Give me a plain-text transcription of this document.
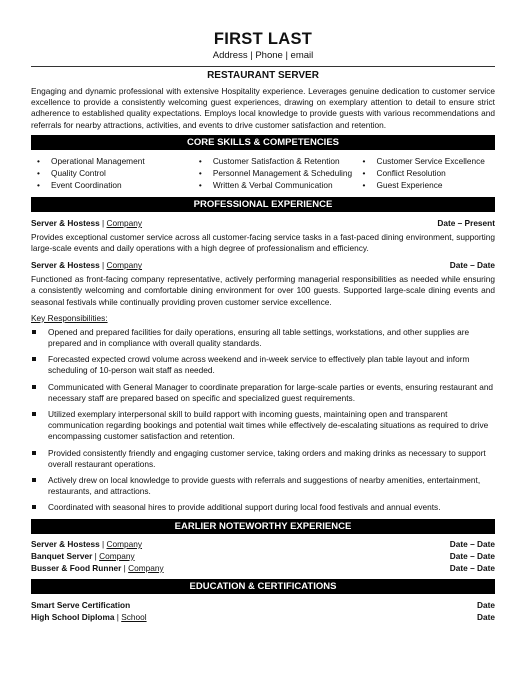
FIRST LAST
Address | Phone | email
RESTAURANT SERVER

Engaging and dynamic professional with extensive Hospitality experience. Leverages genuine dedication to customer service excellence to provide a consistently welcoming guest experiences, drawing on exemplary attention to detail to ensure strict adherence to established quality expectations. Employs local knowledge to provide guests with various recommendations and referrals for nearby attractions, activities, and events to drive customer satisfaction and retention.

CORE SKILLS & COMPETENCIES
• Operational Management
• Quality Control
• Event Coordination
• Customer Satisfaction & Retention
• Personnel Management & Scheduling
• Written & Verbal Communication
• Customer Service Excellence
• Conflict Resolution
• Guest Experience
PROFESSIONAL EXPERIENCE
Server & Hostess | Company	Date – Present

Provides exceptional customer service across all customer-facing service tasks in a fast-paced dining environment, supporting large-scale events and daily operations with a high degree of professionalism and efficiency.

Server & Hostess | Company	Date – Date

Functioned as front-facing company representative, actively performing managerial responsibilities as needed while ensuring a consistently welcoming and comfortable dining environment for over 100 guests. Supported large-scale dining events and seasonal festivals while continually providing proven customer service excellence.

Key Responsibilities:
Opened and prepared facilities for daily operations, ensuring all table settings, workstations, and other supplies are prepared and in compliance with overall quality standards.
Forecasted expected crowd volume across weekend and in-week service to effectively plan table layout and inform scheduling of 10-person wait staff as needed.
Communicated with General Manager to coordinate preparation for large-scale parties or events, ensuring restaurant and necessary staff are prepared based on specific and specialized guest requirements.
Utilized exemplary interpersonal skill to build rapport with incoming guests, maintaining open and transparent communication regarding bookings and potential wait times while effectively de-escalating situations as required to drive encompassing customer satisfaction and retention.
Provided consistently friendly and engaging customer service, taking orders and making drinks as necessary to support overall restaurant operations.
Actively drew on local knowledge to provide guests with referrals and suggestions of nearby amenities, entertainment, restaurants, and attractions.
Coordinated with seasonal hires to provide additional support during local food festivals and annual events.
EARLIER NOTEWORTHY EXPERIENCE
Server & Hostess | Company	Date – Date
Banquet Server | Company	Date – Date
Busser & Food Runner | Company	Date – Date
EDUCATION & CERTIFICATIONS
Smart Serve Certification	Date
High School Diploma | School	Date
